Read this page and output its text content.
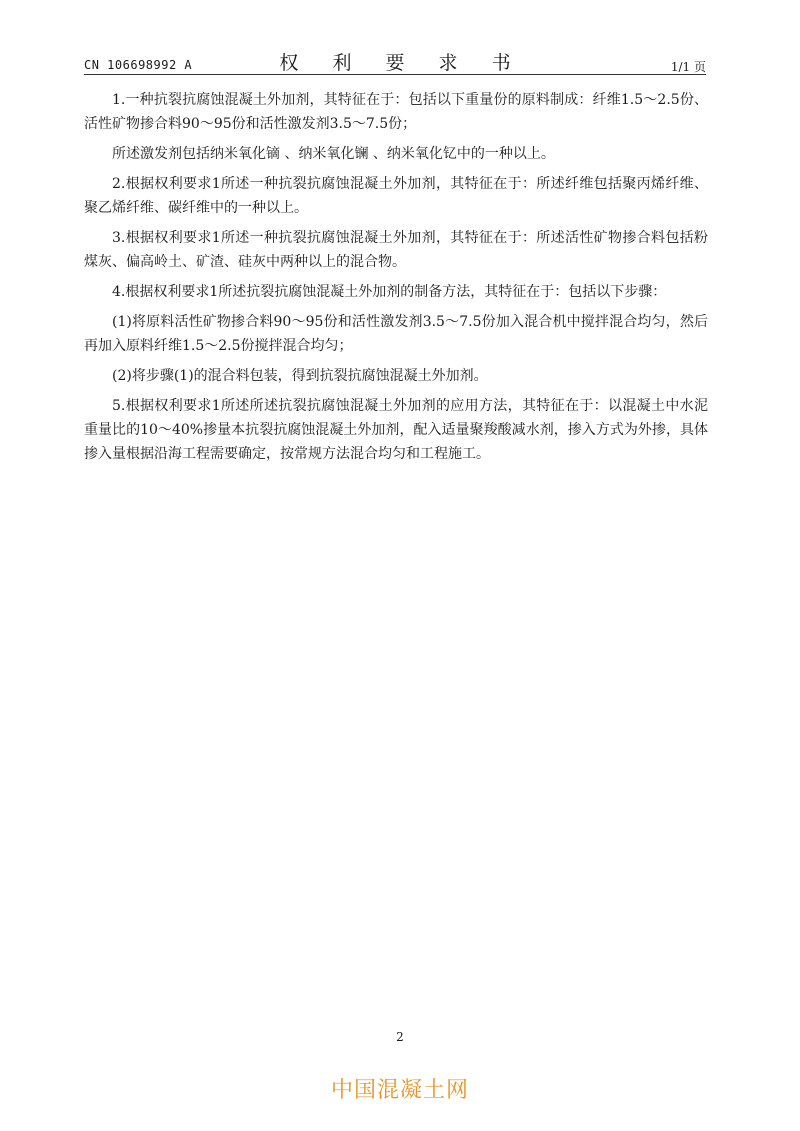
CN 106698992 A	权 利 要 求 书	1/1 页

1.一种抗裂抗腐蚀混凝土外加剂，其特征在于：包括以下重量份的原料制成：纤维1.5～2.5份、活性矿物掺合料90～95份和活性激发剂3.5～7.5份；

所述激发剂包括纳米氧化镝 、纳米氧化镧 、纳米氧化钇中的一种以上。

2.根据权利要求1所述一种抗裂抗腐蚀混凝土外加剂，其特征在于：所述纤维包括聚丙烯纤维、聚乙烯纤维、碳纤维中的一种以上。

3.根据权利要求1所述一种抗裂抗腐蚀混凝土外加剂，其特征在于：所述活性矿物掺合料包括粉煤灰、偏高岭土、矿渣、硅灰中两种以上的混合物。

4.根据权利要求1所述抗裂抗腐蚀混凝土外加剂的制备方法，其特征在于：包括以下步骤：

(1)将原料活性矿物掺合料90～95份和活性激发剂3.5～7.5份加入混合机中搅拌混合均匀，然后再加入原料纤维1.5～2.5份搅拌混合均匀；

(2)将步骤(1)的混合料包装，得到抗裂抗腐蚀混凝土外加剂。

5.根据权利要求1所述所述抗裂抗腐蚀混凝土外加剂的应用方法，其特征在于：以混凝土中水泥重量比的10～40%掺量本抗裂抗腐蚀混凝土外加剂，配入适量聚羧酸减水剂，掺入方式为外掺，具体掺入量根据沿海工程需要确定，按常规方法混合均匀和工程施工。

2
中国混凝土网
